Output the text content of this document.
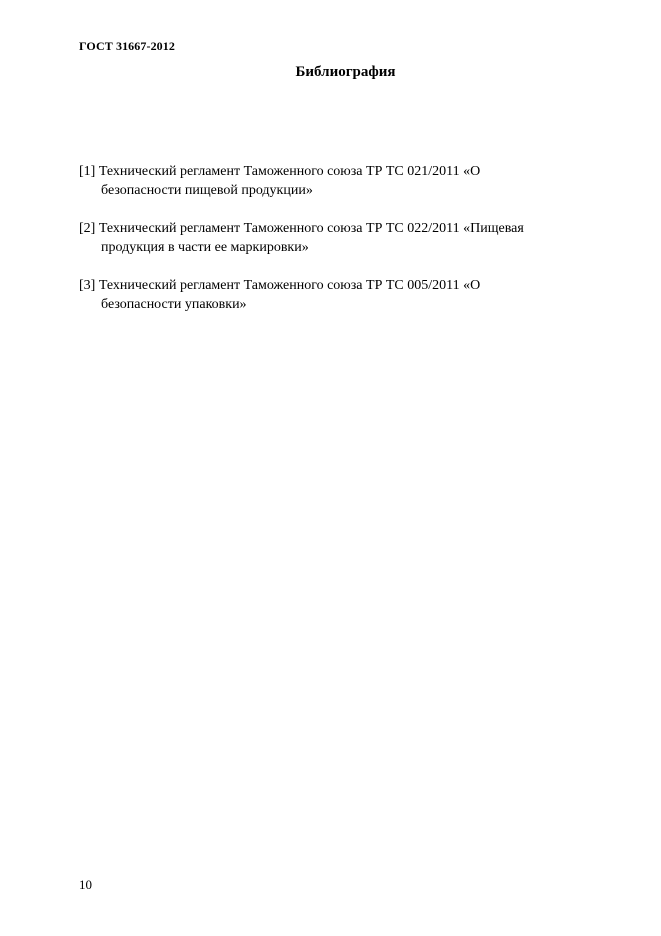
ГОСТ 31667-2012
Библиография
[1] Технический регламент Таможенного союза ТР ТС 021/2011 «О
безопасности пищевой продукции»
[2] Технический регламент Таможенного союза ТР ТС 022/2011 «Пищевая
продукция в части ее маркировки»
[3] Технический регламент Таможенного союза ТР ТС 005/2011 «О
безопасности упаковки»
10
